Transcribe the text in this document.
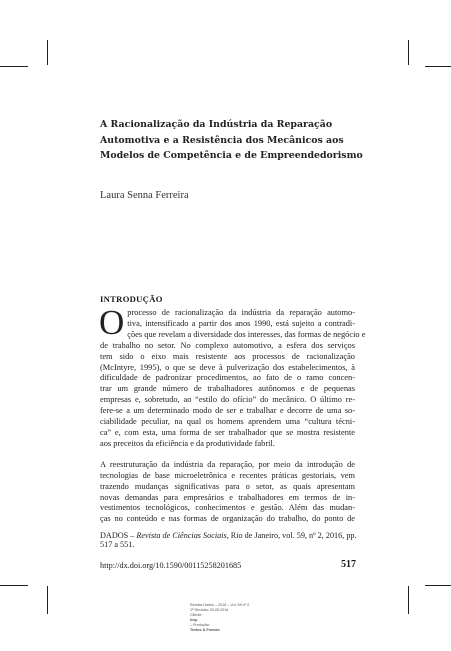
A Racionalização da Indústria da Reparação
Automotiva e a Resistência dos Mecânicos aos
Modelos de Competência e de Empreendedorismo
Laura Senna Ferreira
INTRODUÇÃO
O processo de racionalização da indústria da reparação automo-
tiva, intensificado a partir dos anos 1990, está sujeito a contradi-
ções que revelam a diversidade dos interesses, das formas de negócio e
de trabalho no setor. No complexo automotivo, a esfera dos serviços
tem sido o eixo mais resistente aos processos de racionalização
(McIntyre, 1995), o que se deve à pulverização dos estabelecimentos, à
dificuldade de padronizar procedimentos, ao fato de o ramo concen-
trar um grande número de trabalhadores autônomos e de pequenas
empresas e, sobretudo, ao “estilo do ofício” do mecânico. O último re-
fere-se a um determinado modo de ser e trabalhar e decorre de uma so-
ciabilidade peculiar, na qual os homens aprendem uma “cultura técni-
ca” e, com esta, uma forma de ser trabalhador que se mostra resistente
aos preceitos da eficiência e da produtividade fabril.
A reestruturação da indústria da reparação, por meio da introdução de
tecnologias de base microeletrônica e recentes práticas gestoriais, vem
trazendo mudanças significativas para o setor, as quais apresentam
novas demandas para empresários e trabalhadores em termos de in-
vestimentos tecnológicos, conhecimentos e gestão. Além das mudan-
ças no conteúdo e nas formas de organização do trabalho, do ponto de
DADOS – Revista de Ciências Sociais, Rio de Janeiro, vol. 59, nº 2, 2016, pp. 517 a 551.
http://dx.doi.org/10.1590/00115258201685	517
Revista Dados – 2016 – Vol. 59 nº 2
1ª Revisão: 03.05.2016
Cliente:
Iesp
– Produção:
Textos & Formas
